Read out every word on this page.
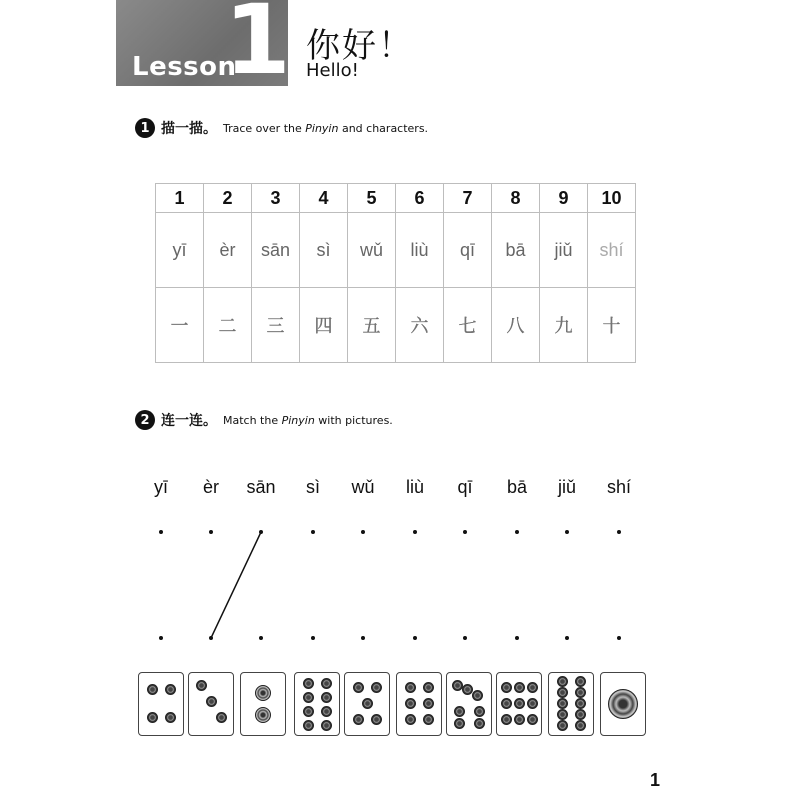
Lesson
1 你好！
Hello!
1 描一描。 Trace over the Pinyin and characters.
1	2	3	4	5	6	7	8	9	10
yī	èr	sān	sì	wǔ	liù	qī	bā	jiǔ	shí
一	二	三	四	五	六	七	八	九	十
2 连一连。 Match the Pinyin with pictures.
yī èr sān sì wǔ liù qī bā jiǔ shí
1
